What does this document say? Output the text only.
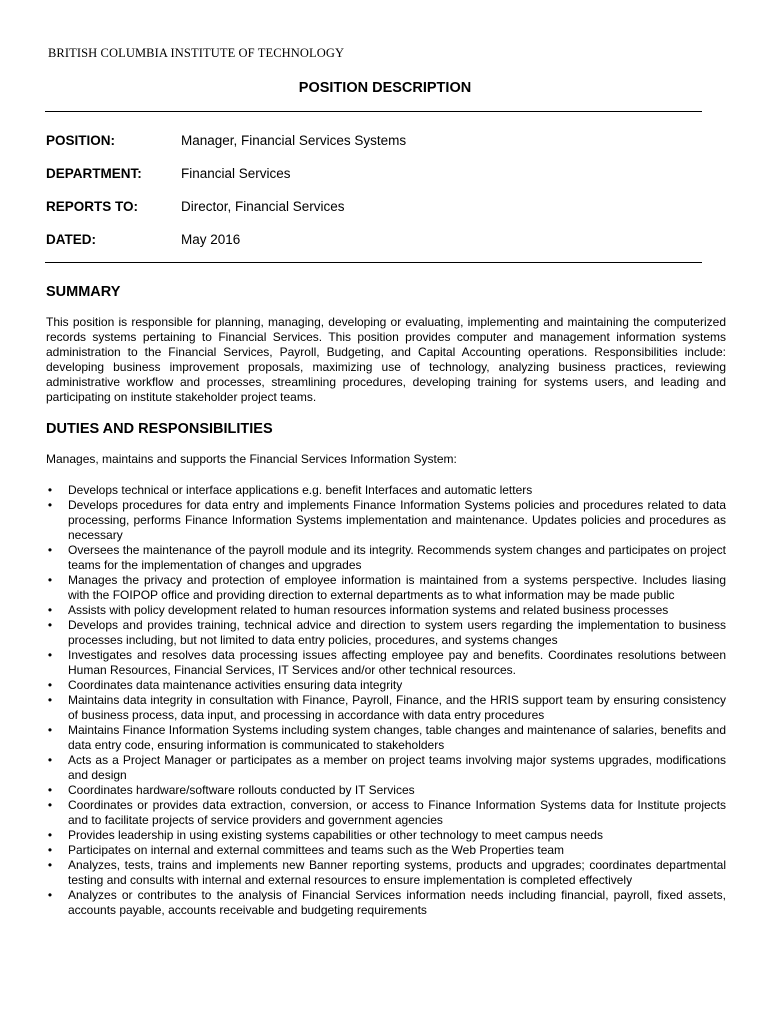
BRITISH COLUMBIA INSTITUTE OF TECHNOLOGY
POSITION DESCRIPTION
POSITION:	Manager, Financial Services Systems
DEPARTMENT:	Financial Services
REPORTS TO:	Director, Financial Services
DATED:	May 2016
SUMMARY

This position is responsible for planning, managing, developing or evaluating, implementing and maintaining the computerized records systems pertaining to Financial Services. This position provides computer and management information systems administration to the Financial Services, Payroll, Budgeting, and Capital Accounting operations. Responsibilities include: developing business improvement proposals, maximizing use of technology, analyzing business practices, reviewing administrative workflow and processes, streamlining procedures, developing training for systems users, and leading and participating on institute stakeholder project teams.

DUTIES AND RESPONSIBILITIES
Manages, maintains and supports the Financial Services Information System:
• Develops technical or interface applications e.g. benefit Interfaces and automatic letters
• Develops procedures for data entry and implements Finance Information Systems policies and procedures related to data processing, performs Finance Information Systems implementation and maintenance. Updates policies and procedures as necessary
• Oversees the maintenance of the payroll module and its integrity. Recommends system changes and participates on project teams for the implementation of changes and upgrades
• Manages the privacy and protection of employee information is maintained from a systems perspective. Includes liasing with the FOIPOP office and providing direction to external departments as to what information may be made public
• Assists with policy development related to human resources information systems and related business processes
• Develops and provides training, technical advice and direction to system users regarding the implementation to business processes including, but not limited to data entry policies, procedures, and systems changes
• Investigates and resolves data processing issues affecting employee pay and benefits. Coordinates resolutions between Human Resources, Financial Services, IT Services and/or other technical resources.
• Coordinates data maintenance activities ensuring data integrity
• Maintains data integrity in consultation with Finance, Payroll, Finance, and the HRIS support team by ensuring consistency of business process, data input, and processing in accordance with data entry procedures
• Maintains Finance Information Systems including system changes, table changes and maintenance of salaries, benefits and data entry code, ensuring information is communicated to stakeholders
• Acts as a Project Manager or participates as a member on project teams involving major systems upgrades, modifications and design
• Coordinates hardware/software rollouts conducted by IT Services
• Coordinates or provides data extraction, conversion, or access to Finance Information Systems data for Institute projects and to facilitate projects of service providers and government agencies
• Provides leadership in using existing systems capabilities or other technology to meet campus needs
• Participates on internal and external committees and teams such as the Web Properties team
• Analyzes, tests, trains and implements new Banner reporting systems, products and upgrades; coordinates departmental testing and consults with internal and external resources to ensure implementation is completed effectively
• Analyzes or contributes to the analysis of Financial Services information needs including financial, payroll, fixed assets, accounts payable, accounts receivable and budgeting requirements
